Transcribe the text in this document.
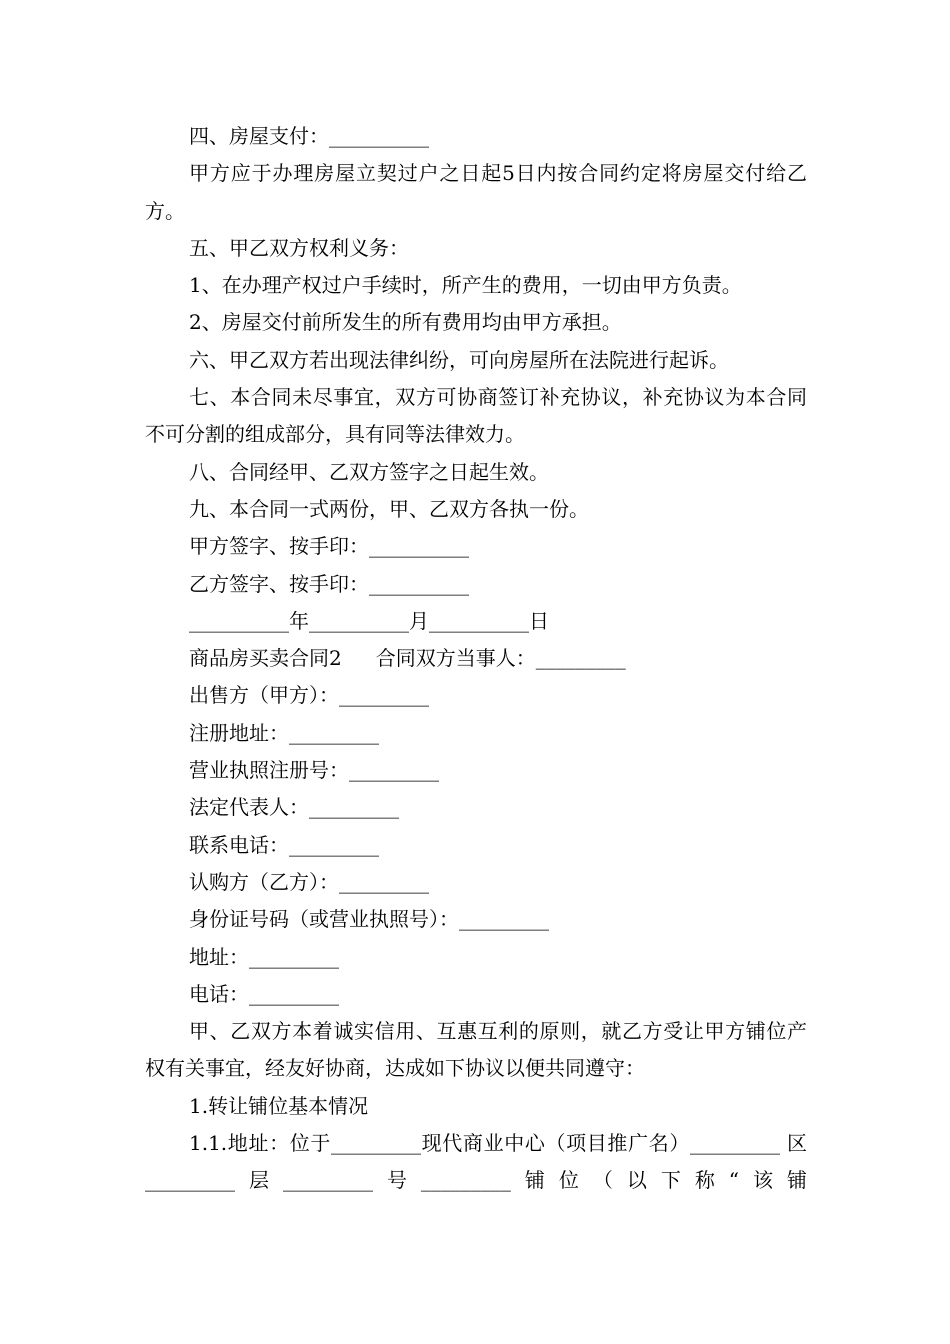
四、房屋支付：__________

甲方应于办理房屋立契过户之日起5日内按合同约定将房屋交付给乙方。

五、甲乙双方权利义务：

1、在办理产权过户手续时，所产生的费用，一切由甲方负责。

2、房屋交付前所发生的所有费用均由甲方承担。

六、甲乙双方若出现法律纠纷，可向房屋所在法院进行起诉。

七、本合同未尽事宜，双方可协商签订补充协议，补充协议为本合同不可分割的组成部分，具有同等法律效力。

八、合同经甲、乙双方签字之日起生效。

九、本合同一式两份，甲、乙双方各执一份。

甲方签字、按手印：__________

乙方签字、按手印：__________

__________年__________月__________日

商品房买卖合同2 合同双方当事人：_________

出售方（甲方）：_________

注册地址：_________

营业执照注册号：_________

法定代表人：_________

联系电话：_________

认购方（乙方）：_________

身份证号码（或营业执照号）：_________

地址：_________

电话：_________

甲、乙双方本着诚实信用、互惠互利的原则，就乙方受让甲方铺位产权有关事宜，经友好协商，达成如下协议以便共同遵守：

1.转让铺位基本情况

1.1.地址：位于_________现代商业中心（项目推广名）_________ 区_________层_________号_________铺位（以下称“该铺
